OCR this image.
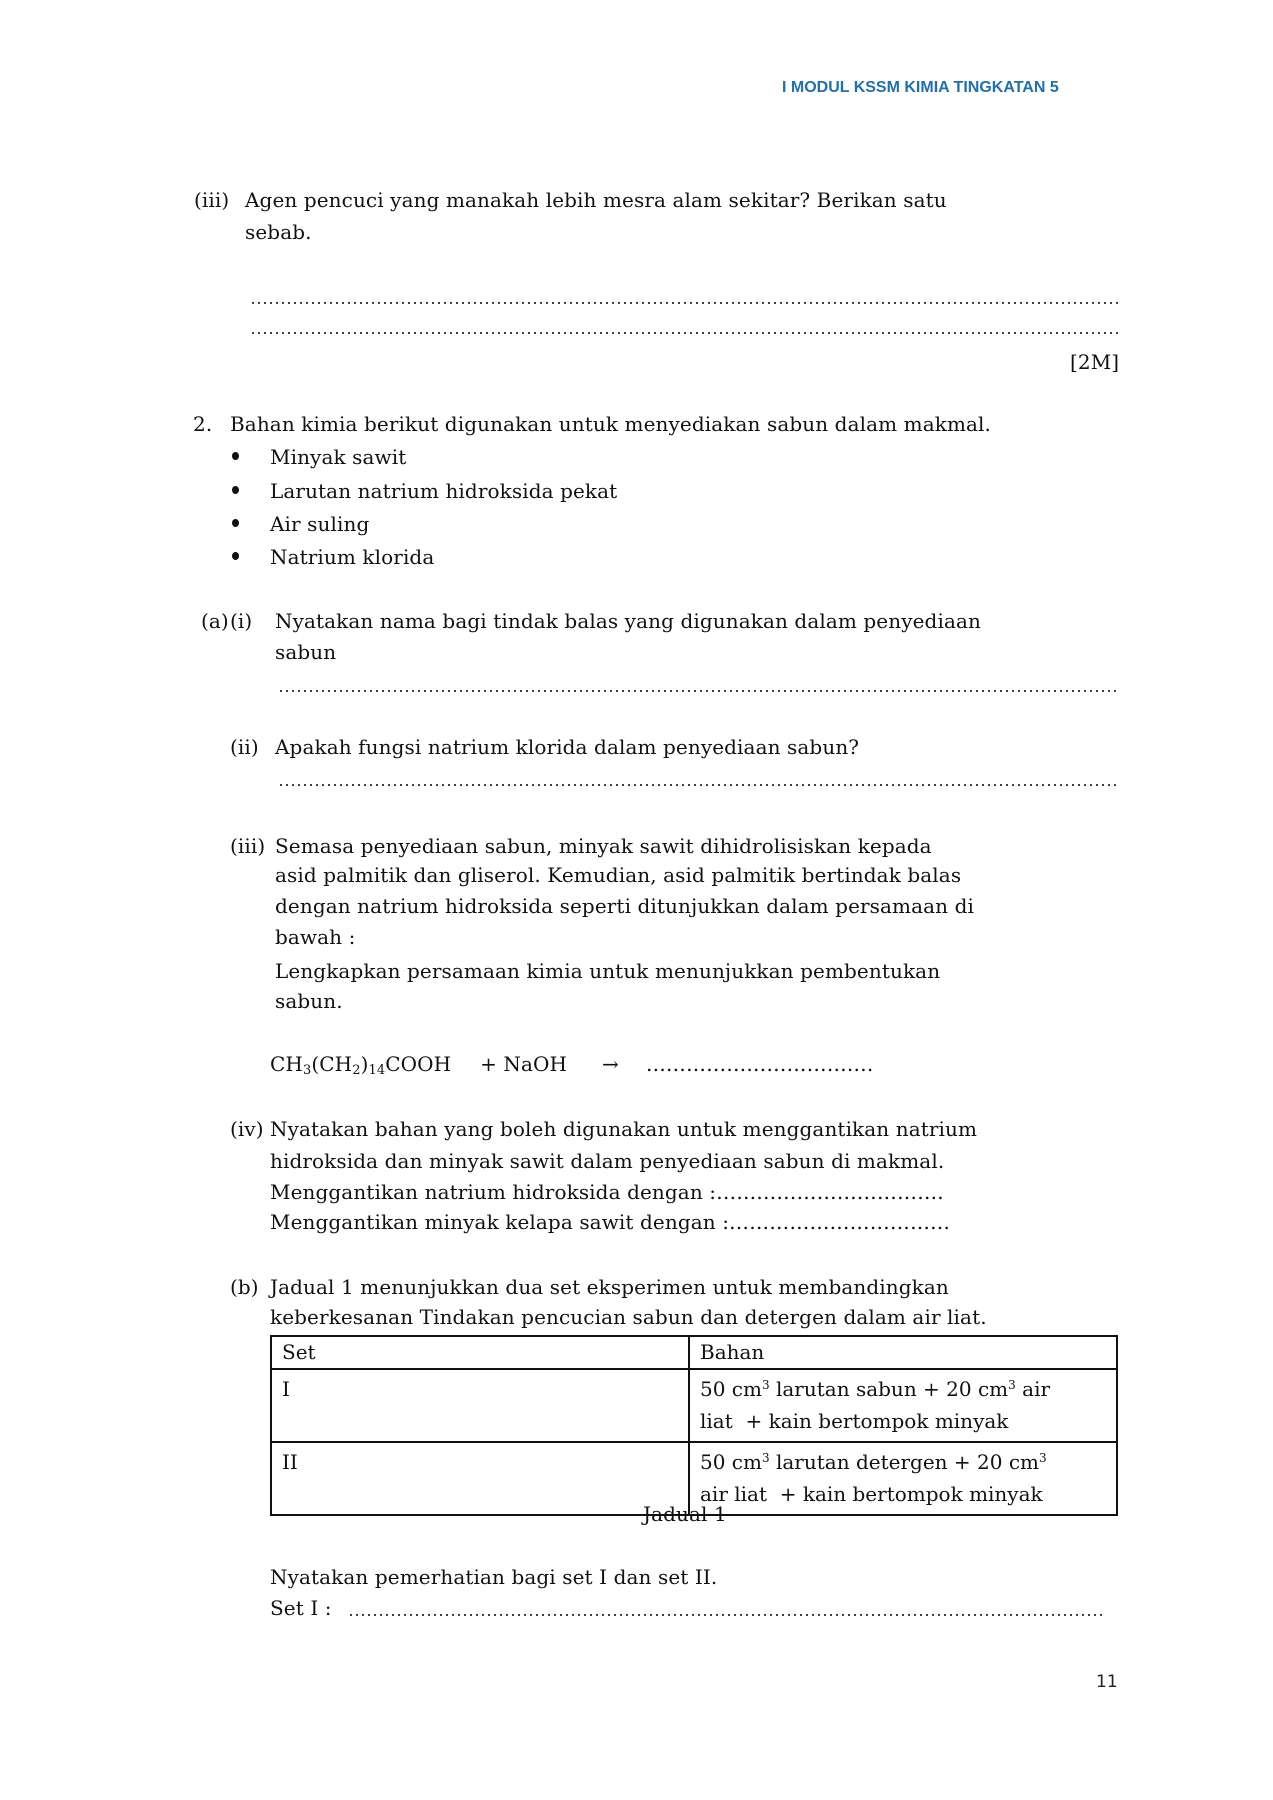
I MODUL KSSM KIMIA TINGKATAN 5
(iii) Agen pencuci yang manakah lebih mesra alam sekitar? Berikan satu
sebab.
[2M]
2. Bahan kimia berikut digunakan untuk menyediakan sabun dalam makmal.
Minyak sawit
Larutan natrium hidroksida pekat
Air suling
Natrium klorida
(a) (i) Nyatakan nama bagi tindak balas yang digunakan dalam penyediaan
sabun
(ii) Apakah fungsi natrium klorida dalam penyediaan sabun?
(iii) Semasa penyediaan sabun, minyak sawit dihidrolisiskan kepada
asid palmitik dan gliserol. Kemudian, asid palmitik bertindak balas
dengan natrium hidroksida seperti ditunjukkan dalam persamaan di
bawah :
Lengkapkan persamaan kimia untuk menunjukkan pembentukan
sabun.
$CH_3(CH_2)_{14}COOH$ + NaOH → …………………………….
(iv) Nyatakan bahan yang boleh digunakan untuk menggantikan natrium
hidroksida dan minyak sawit dalam penyediaan sabun di makmal.
Menggantikan natrium hidroksida dengan :…………………………….
Menggantikan minyak kelapa sawit dengan :……………………………
(b) Jadual 1 menunjukkan dua set eksperimen untuk membandingkan
keberkesanan Tindakan pencucian sabun dan detergen dalam air liat.
Set	Bahan
I	50 $cm^3$ larutan sabun + 20 $cm^3$ air
liat  + kain bertompok minyak
II	50 $cm^3$ larutan detergen + 20 $cm^3$
air liat  + kain bertompok minyak
Jadual 1
Nyatakan pemerhatian bagi set I dan set II.
Set I :
11
